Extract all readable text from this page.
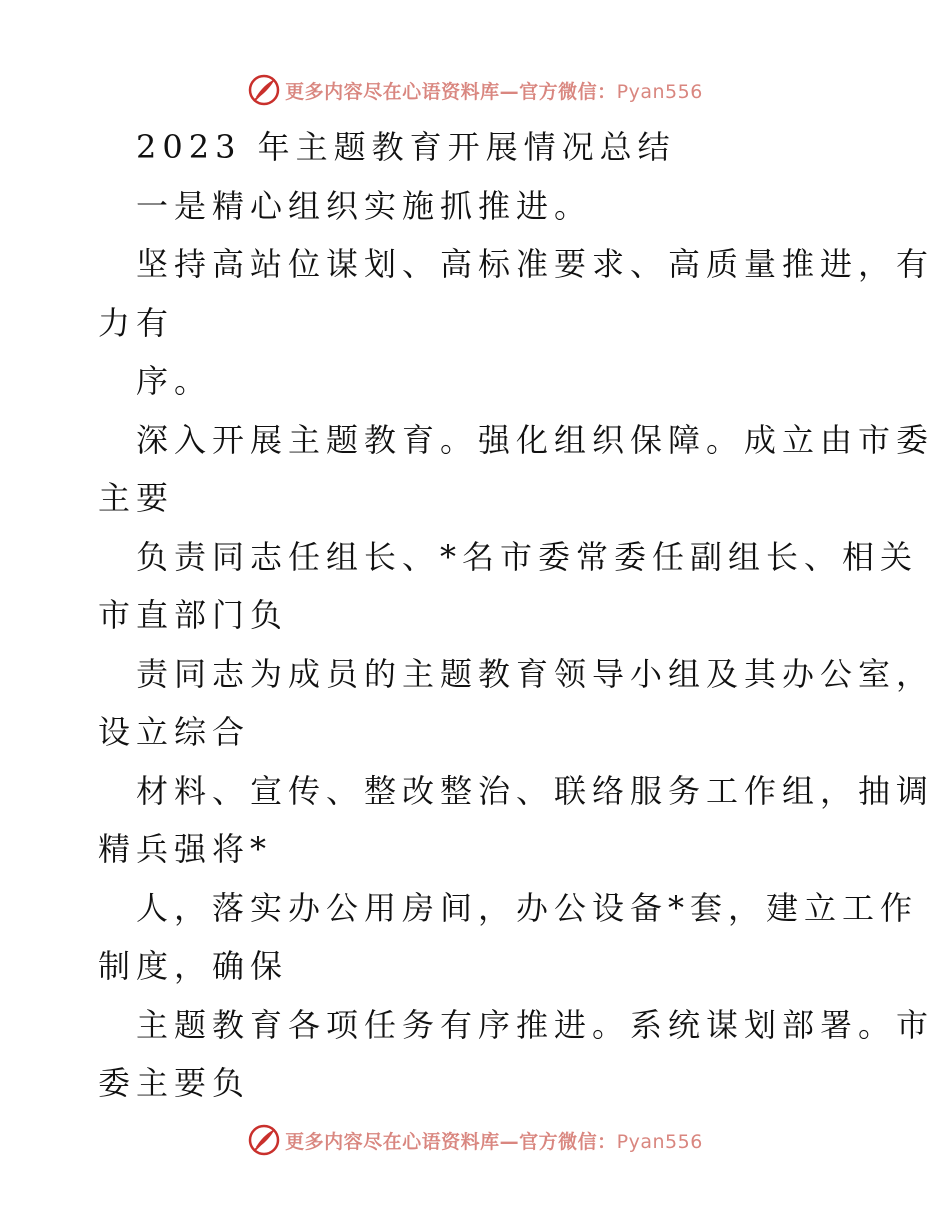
更多内容尽在心语资料库—官方微信：Pyan556
2023 年主题教育开展情况总结
一是精心组织实施抓推进。
坚持高站位谋划、高标准要求、高质量推进，有
力有
序。
深入开展主题教育。强化组织保障。成立由市委
主要
负责同志任组长、*名市委常委任副组长、相关
市直部门负
责同志为成员的主题教育领导小组及其办公室，
设立综合
材料、宣传、整改整治、联络服务工作组，抽调
精兵强将*
人，落实办公用房间，办公设备*套，建立工作
制度，确保
主题教育各项任务有序推进。系统谋划部署。市
委主要负
更多内容尽在心语资料库—官方微信：Pyan556
